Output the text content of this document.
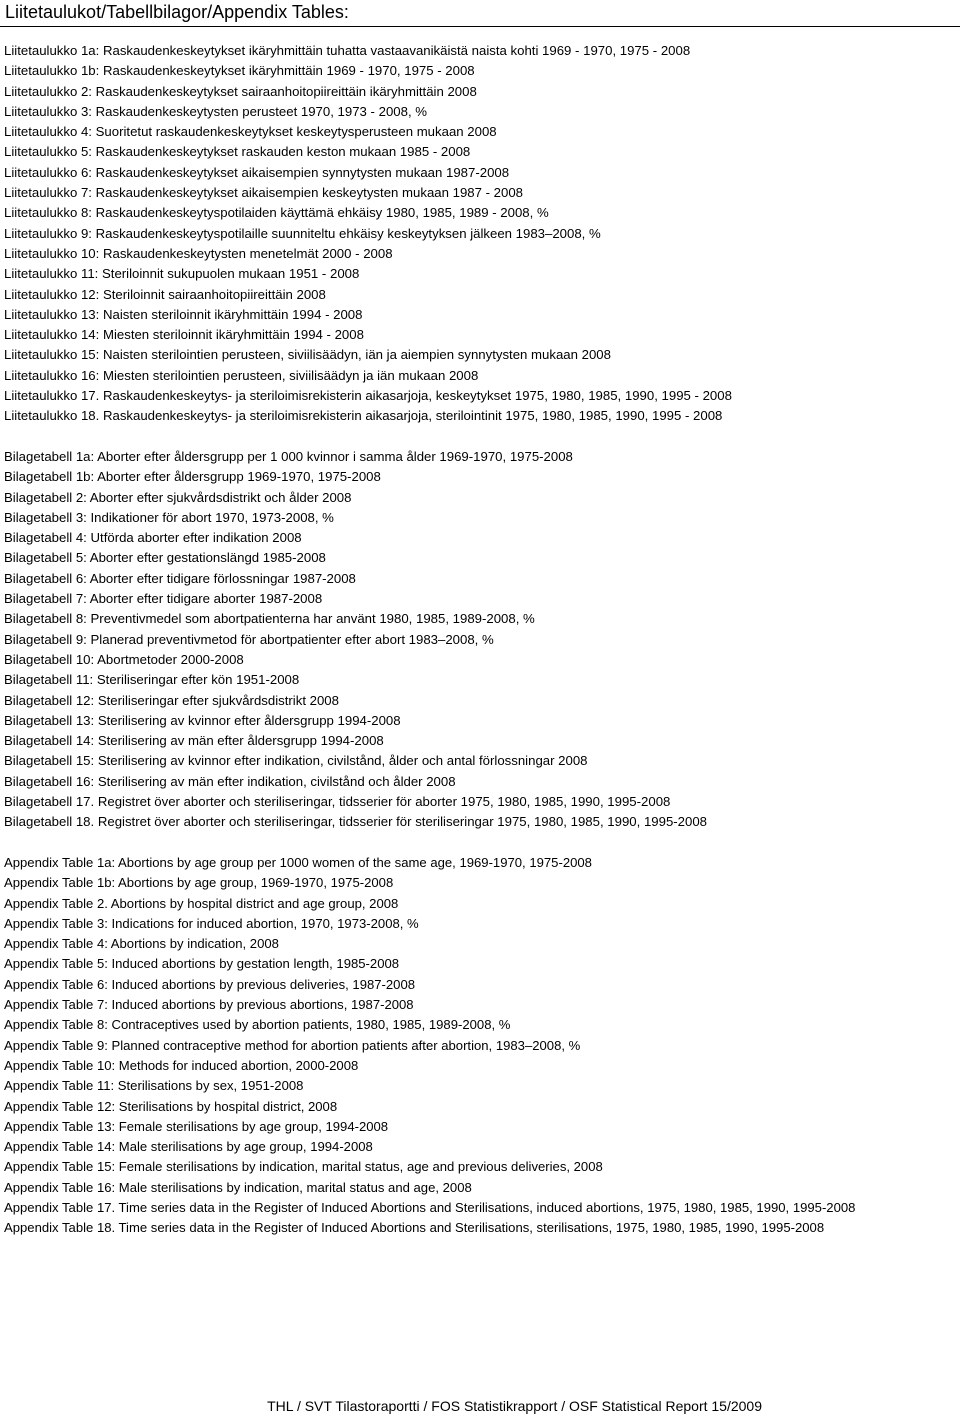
Liitetaulukot/Tabellbilagor/Appendix Tables:
Liitetaulukko 1a: Raskaudenkeskeytykset ikäryhmittäin tuhatta vastaavanikäistä naista kohti 1969 - 1970, 1975 - 2008
Liitetaulukko 1b: Raskaudenkeskeytykset ikäryhmittäin 1969 - 1970, 1975 - 2008
Liitetaulukko 2: Raskaudenkeskeytykset sairaanhoitopiireittäin ikäryhmittäin 2008
Liitetaulukko 3: Raskaudenkeskeytysten perusteet 1970, 1973 - 2008, %
Liitetaulukko 4: Suoritetut raskaudenkeskeytykset keskeytysperusteen mukaan 2008
Liitetaulukko 5: Raskaudenkeskeytykset raskauden keston mukaan 1985 - 2008
Liitetaulukko 6: Raskaudenkeskeytykset aikaisempien synnytysten mukaan 1987-2008
Liitetaulukko 7: Raskaudenkeskeytykset aikaisempien keskeytysten mukaan 1987 - 2008
Liitetaulukko 8: Raskaudenkeskeytyspotilaiden käyttämä ehkäisy 1980, 1985, 1989 - 2008, %
Liitetaulukko 9: Raskaudenkeskeytyspotilaille suunniteltu ehkäisy keskeytyksen jälkeen 1983–2008, %
Liitetaulukko 10: Raskaudenkeskeytysten menetelmät 2000 - 2008
Liitetaulukko 11: Steriloinnit sukupuolen mukaan 1951 - 2008
Liitetaulukko 12: Steriloinnit sairaanhoitopiireittäin 2008
Liitetaulukko 13: Naisten steriloinnit ikäryhmittäin 1994 - 2008
Liitetaulukko 14: Miesten steriloinnit ikäryhmittäin 1994 - 2008
Liitetaulukko 15: Naisten sterilointien perusteen, siviilisäädyn, iän ja aiempien synnytysten mukaan 2008
Liitetaulukko 16: Miesten sterilointien perusteen, siviilisäädyn ja iän mukaan 2008
Liitetaulukko 17. Raskaudenkeskeytys- ja steriloimisrekisterin aikasarjoja, keskeytykset 1975, 1980, 1985, 1990, 1995 - 2008
Liitetaulukko 18. Raskaudenkeskeytys- ja steriloimisrekisterin aikasarjoja, sterilointinit 1975, 1980, 1985, 1990, 1995 - 2008
Bilagetabell 1a: Aborter efter åldersgrupp per 1 000 kvinnor i samma ålder 1969-1970, 1975-2008
Bilagetabell 1b: Aborter efter åldersgrupp 1969-1970, 1975-2008
Bilagetabell 2: Aborter efter sjukvårdsdistrikt och ålder 2008
Bilagetabell 3: Indikationer för abort 1970, 1973-2008, %
Bilagetabell 4: Utförda aborter efter indikation 2008
Bilagetabell 5: Aborter efter gestationslängd 1985-2008
Bilagetabell 6: Aborter efter tidigare förlossningar 1987-2008
Bilagetabell 7: Aborter efter tidigare aborter 1987-2008
Bilagetabell 8: Preventivmedel som abortpatienterna har använt 1980, 1985, 1989-2008, %
Bilagetabell 9: Planerad preventivmetod för abortpatienter efter abort 1983–2008, %
Bilagetabell 10: Abortmetoder 2000-2008
Bilagetabell 11: Steriliseringar efter kön 1951-2008
Bilagetabell 12: Steriliseringar efter sjukvårdsdistrikt 2008
Bilagetabell 13: Sterilisering av kvinnor efter åldersgrupp 1994-2008
Bilagetabell 14: Sterilisering av män efter åldersgrupp 1994-2008
Bilagetabell 15: Sterilisering av kvinnor efter indikation, civilstånd, ålder och antal förlossningar 2008
Bilagetabell 16: Sterilisering av män efter indikation, civilstånd och ålder 2008
Bilagetabell 17. Registret över aborter och steriliseringar, tidsserier för aborter 1975, 1980, 1985, 1990, 1995-2008
Bilagetabell 18. Registret över aborter och steriliseringar, tidsserier för steriliseringar 1975, 1980, 1985, 1990, 1995-2008
Appendix Table 1a: Abortions by age group per 1000 women of the same age, 1969-1970, 1975-2008
Appendix Table 1b: Abortions by age group, 1969-1970, 1975-2008
Appendix Table 2. Abortions by hospital district and age group, 2008
Appendix Table 3: Indications for induced abortion, 1970, 1973-2008, %
Appendix Table 4: Abortions by indication, 2008
Appendix Table 5: Induced abortions by gestation length, 1985-2008
Appendix Table 6: Induced abortions by previous deliveries, 1987-2008
Appendix Table 7: Induced abortions by previous abortions, 1987-2008
Appendix Table 8: Contraceptives used by abortion patients, 1980, 1985, 1989-2008, %
Appendix Table 9: Planned contraceptive method for abortion patients after abortion, 1983–2008, %
Appendix Table 10: Methods for induced abortion, 2000-2008
Appendix Table 11: Sterilisations by sex, 1951-2008
Appendix Table 12: Sterilisations by hospital district, 2008
Appendix Table 13: Female sterilisations by age group, 1994-2008
Appendix Table 14: Male sterilisations by age group, 1994-2008
Appendix Table 15: Female sterilisations by indication, marital status, age and previous deliveries, 2008
Appendix Table 16: Male sterilisations by indication, marital status and age, 2008
Appendix Table 17. Time series data in the Register of Induced Abortions and Sterilisations, induced abortions, 1975, 1980, 1985, 1990, 1995-2008
Appendix Table 18. Time series data in the Register of Induced Abortions and Sterilisations, sterilisations, 1975, 1980, 1985, 1990, 1995-2008
THL / SVT Tilastoraportti / FOS Statistikrapport / OSF Statistical Report 15/2009
